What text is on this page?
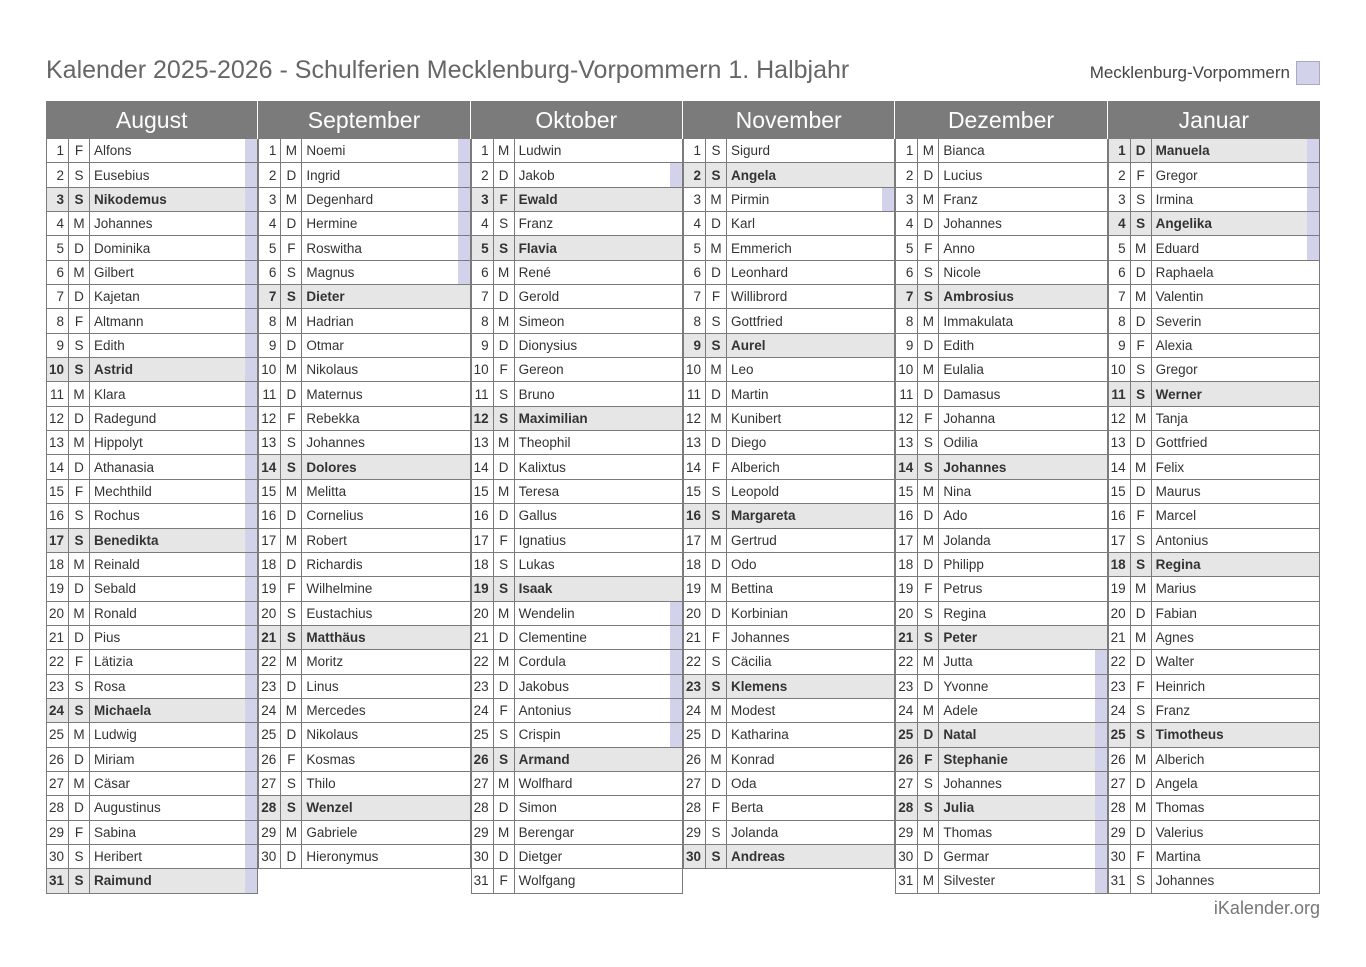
Kalender 2025-2026 - Schulferien Mecklenburg-Vorpommern 1. Halbjahr	Mecklenburg-Vorpommern
August
1 F Alfons
2 S Eusebius
3 S Nikodemus
4 M Johannes
5 D Dominika
6 M Gilbert
7 D Kajetan
8 F Altmann
9 S Edith
10 S Astrid
11 M Klara
12 D Radegund
13 M Hippolyt
14 D Athanasia
15 F Mechthild
16 S Rochus
17 S Benedikta
18 M Reinald
19 D Sebald
20 M Ronald
21 D Pius
22 F Lätizia
23 S Rosa
24 S Michaela
25 M Ludwig
26 D Miriam
27 M Cäsar
28 D Augustinus
29 F Sabina
30 S Heribert
31 S Raimund
September
1 M Noemi
2 D Ingrid
3 M Degenhard
4 D Hermine
5 F Roswitha
6 S Magnus
7 S Dieter
8 M Hadrian
9 D Otmar
10 M Nikolaus
11 D Maternus
12 F Rebekka
13 S Johannes
14 S Dolores
15 M Melitta
16 D Cornelius
17 M Robert
18 D Richardis
19 F Wilhelmine
20 S Eustachius
21 S Matthäus
22 M Moritz
23 D Linus
24 M Mercedes
25 D Nikolaus
26 F Kosmas
27 S Thilo
28 S Wenzel
29 M Gabriele
30 D Hieronymus
Oktober
1 M Ludwin
2 D Jakob
3 F Ewald
4 S Franz
5 S Flavia
6 M René
7 D Gerold
8 M Simeon
9 D Dionysius
10 F Gereon
11 S Bruno
12 S Maximilian
13 M Theophil
14 D Kalixtus
15 M Teresa
16 D Gallus
17 F Ignatius
18 S Lukas
19 S Isaak
20 M Wendelin
21 D Clementine
22 M Cordula
23 D Jakobus
24 F Antonius
25 S Crispin
26 S Armand
27 M Wolfhard
28 D Simon
29 M Berengar
30 D Dietger
31 F Wolfgang
November
1 S Sigurd
2 S Angela
3 M Pirmin
4 D Karl
5 M Emmerich
6 D Leonhard
7 F Willibrord
8 S Gottfried
9 S Aurel
10 M Leo
11 D Martin
12 M Kunibert
13 D Diego
14 F Alberich
15 S Leopold
16 S Margareta
17 M Gertrud
18 D Odo
19 M Bettina
20 D Korbinian
21 F Johannes
22 S Cäcilia
23 S Klemens
24 M Modest
25 D Katharina
26 M Konrad
27 D Oda
28 F Berta
29 S Jolanda
30 S Andreas
Dezember
1 M Bianca
2 D Lucius
3 M Franz
4 D Johannes
5 F Anno
6 S Nicole
7 S Ambrosius
8 M Immakulata
9 D Edith
10 M Eulalia
11 D Damasus
12 F Johanna
13 S Odilia
14 S Johannes
15 M Nina
16 D Ado
17 M Jolanda
18 D Philipp
19 F Petrus
20 S Regina
21 S Peter
22 M Jutta
23 D Yvonne
24 M Adele
25 D Natal
26 F Stephanie
27 S Johannes
28 S Julia
29 M Thomas
30 D Germar
31 M Silvester
Januar
1 D Manuela
2 F Gregor
3 S Irmina
4 S Angelika
5 M Eduard
6 D Raphaela
7 M Valentin
8 D Severin
9 F Alexia
10 S Gregor
11 S Werner
12 M Tanja
13 D Gottfried
14 M Felix
15 D Maurus
16 F Marcel
17 S Antonius
18 S Regina
19 M Marius
20 D Fabian
21 M Agnes
22 D Walter
23 F Heinrich
24 S Franz
25 S Timotheus
26 M Alberich
27 D Angela
28 M Thomas
29 D Valerius
30 F Martina
31 S Johannes
iKalender.org
